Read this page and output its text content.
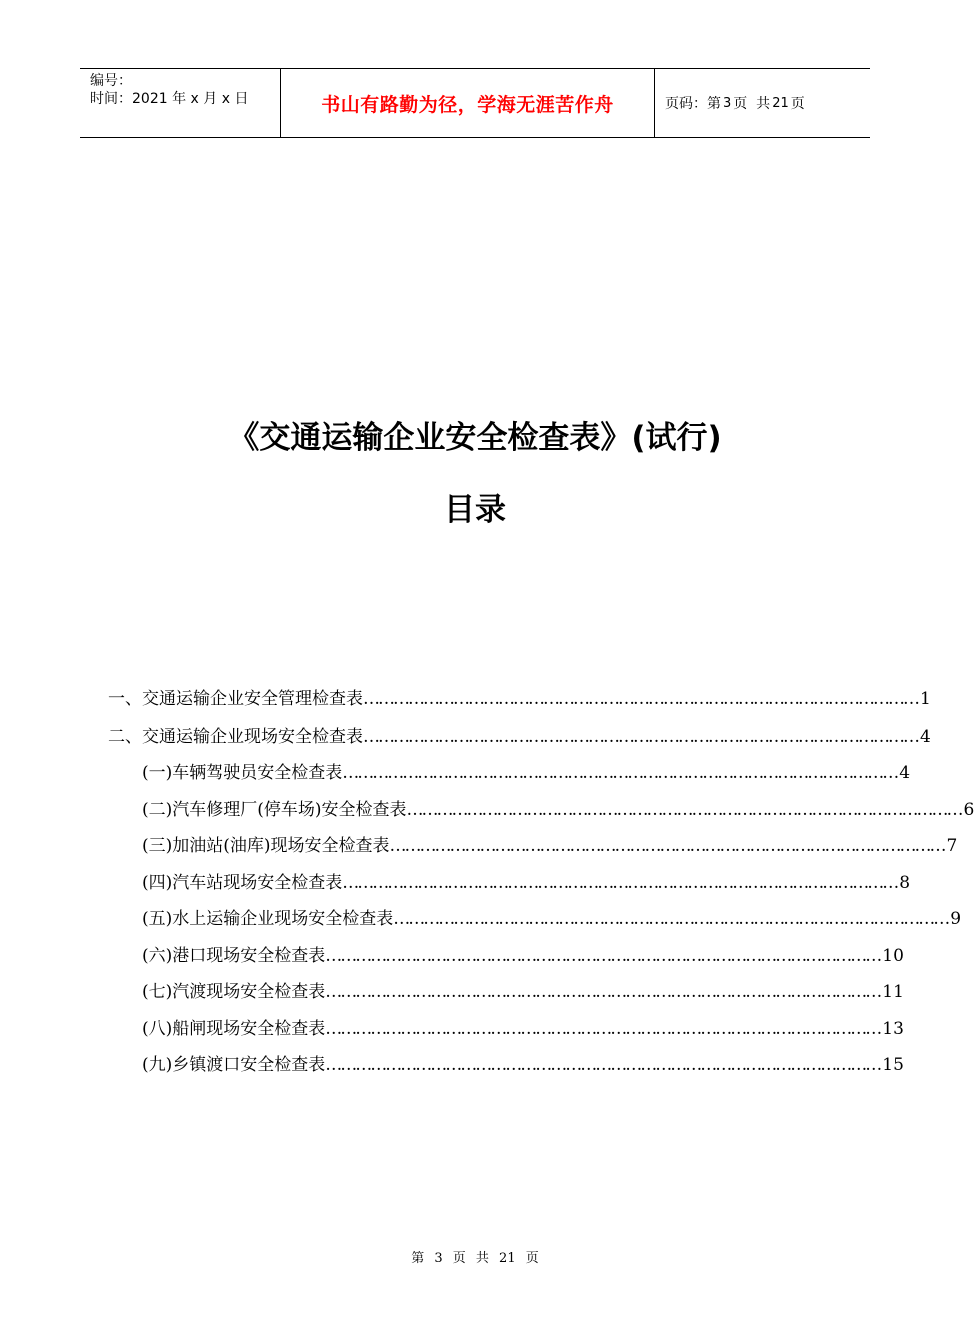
编号：
时间：2021 年 x 月 x 日	书山有路勤为径，学海无涯苦作舟	页码：第 3 页  共 21 页
《交通运输企业安全检查表》(试行)
目录
一、 交通运输企业安全管理检查表 ………………………………………………………………………………………………… 1
二、 交通运输企业现场安全检查表 ………………………………………………………………………………………………… 4
(一)车辆驾驶员安全检查表 ………………………………………………………………………………………………… 4
(二)汽车修理厂(停车场)安全检查表 ………………………………………………………………………………………………… 6
(三)加油站(油库)现场安全检查表 ………………………………………………………………………………………………… 7
(四)汽车站现场安全检查表 ………………………………………………………………………………………………… 8
(五)水上运输企业现场安全检查表 ………………………………………………………………………………………………… 9
(六)港口现场安全检查表 ………………………………………………………………………………………………… 10
(七)汽渡现场安全检查表 ………………………………………………………………………………………………… 11
(八)船闸现场安全检查表 ………………………………………………………………………………………………… 13
(九)乡镇渡口安全检查表 ………………………………………………………………………………………………… 15
第 3 页 共 21 页
